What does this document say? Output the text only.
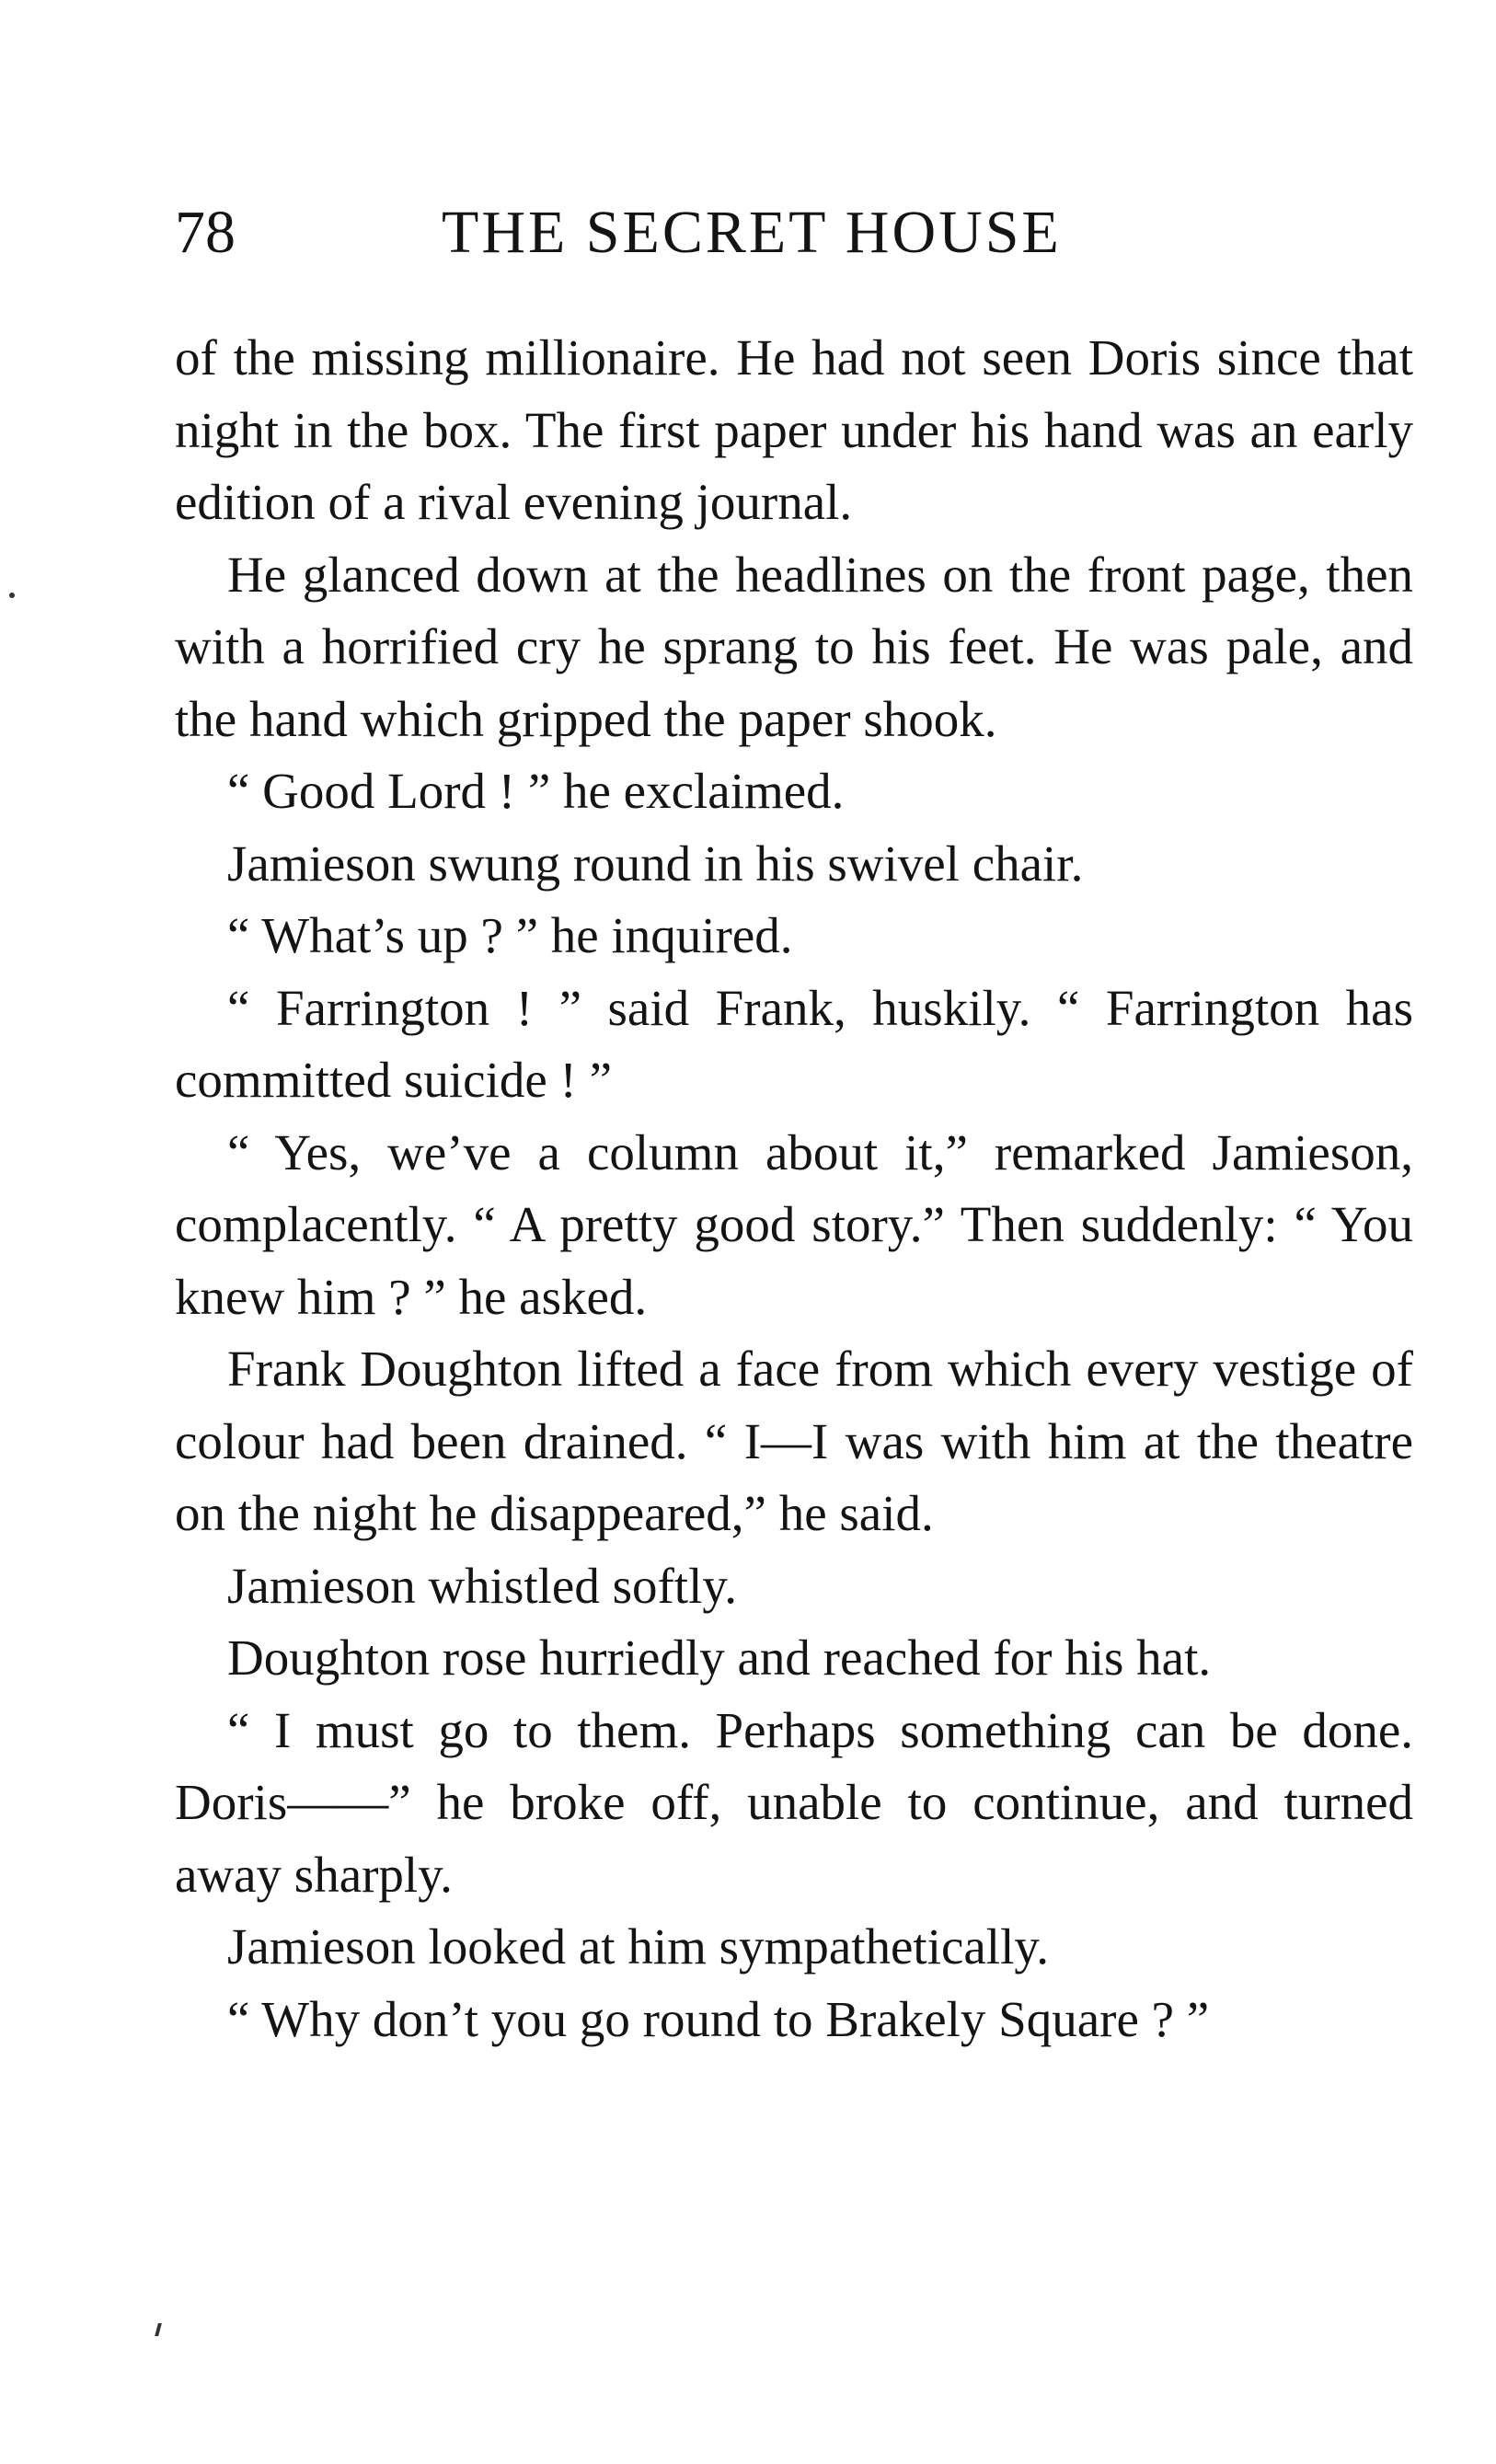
78	THE SECRET HOUSE

of the missing millionaire. He had not seen Doris since that night in the box. The first paper under his hand was an early edition of a rival evening journal.

He glanced down at the headlines on the front page, then with a horrified cry he sprang to his feet. He was pale, and the hand which gripped the paper shook.

“ Good Lord ! ” he exclaimed.

Jamieson swung round in his swivel chair.

“ What’s up ? ” he inquired.

“ Farrington ! ” said Frank, huskily. “ Farrington has committed suicide ! ”

“ Yes, we’ve a column about it,” remarked Jamieson, complacently. “ A pretty good story.” Then suddenly: “ You knew him ? ” he asked.

Frank Doughton lifted a face from which every vestige of colour had been drained. “ I—I was with him at the theatre on the night he disappeared,” he said.

Jamieson whistled softly.

Doughton rose hurriedly and reached for his hat.

“ I must go to them. Perhaps something can be done. Doris——” he broke off, unable to continue, and turned away sharply.

Jamieson looked at him sympathetically.

“ Why don’t you go round to Brakely Square ? ”
